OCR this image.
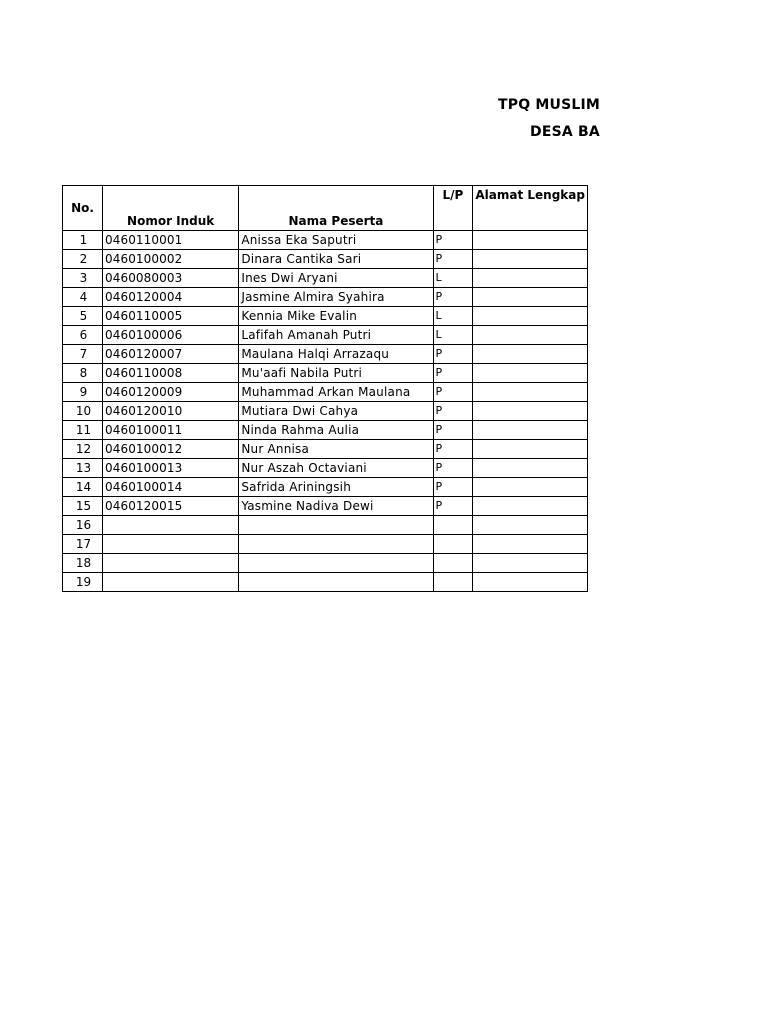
TPQ MUSLIM
DESA BA
No.	Nomor Induk	Nama Peserta	L/P	Alamat Lengkap
1	0460110001	Anissa Eka Saputri	P	
2	0460100002	Dinara Cantika Sari	P	
3	0460080003	Ines Dwi Aryani	L	
4	0460120004	Jasmine Almira Syahira	P	
5	0460110005	Kennia Mike Evalin	L	
6	0460100006	Lafifah Amanah Putri	L	
7	0460120007	Maulana Halqi Arrazaqu	P	
8	0460110008	Mu'aafi Nabila Putri	P	
9	0460120009	Muhammad Arkan Maulana	P	
10	0460120010	Mutiara Dwi Cahya	P	
11	0460100011	Ninda Rahma Aulia	P	
12	0460100012	Nur Annisa	P	
13	0460100013	Nur Aszah Octaviani	P	
14	0460100014	Safrida Ariningsih	P	
15	0460120015	Yasmine Nadiva Dewi	P	
16				
17				
18				
19				
